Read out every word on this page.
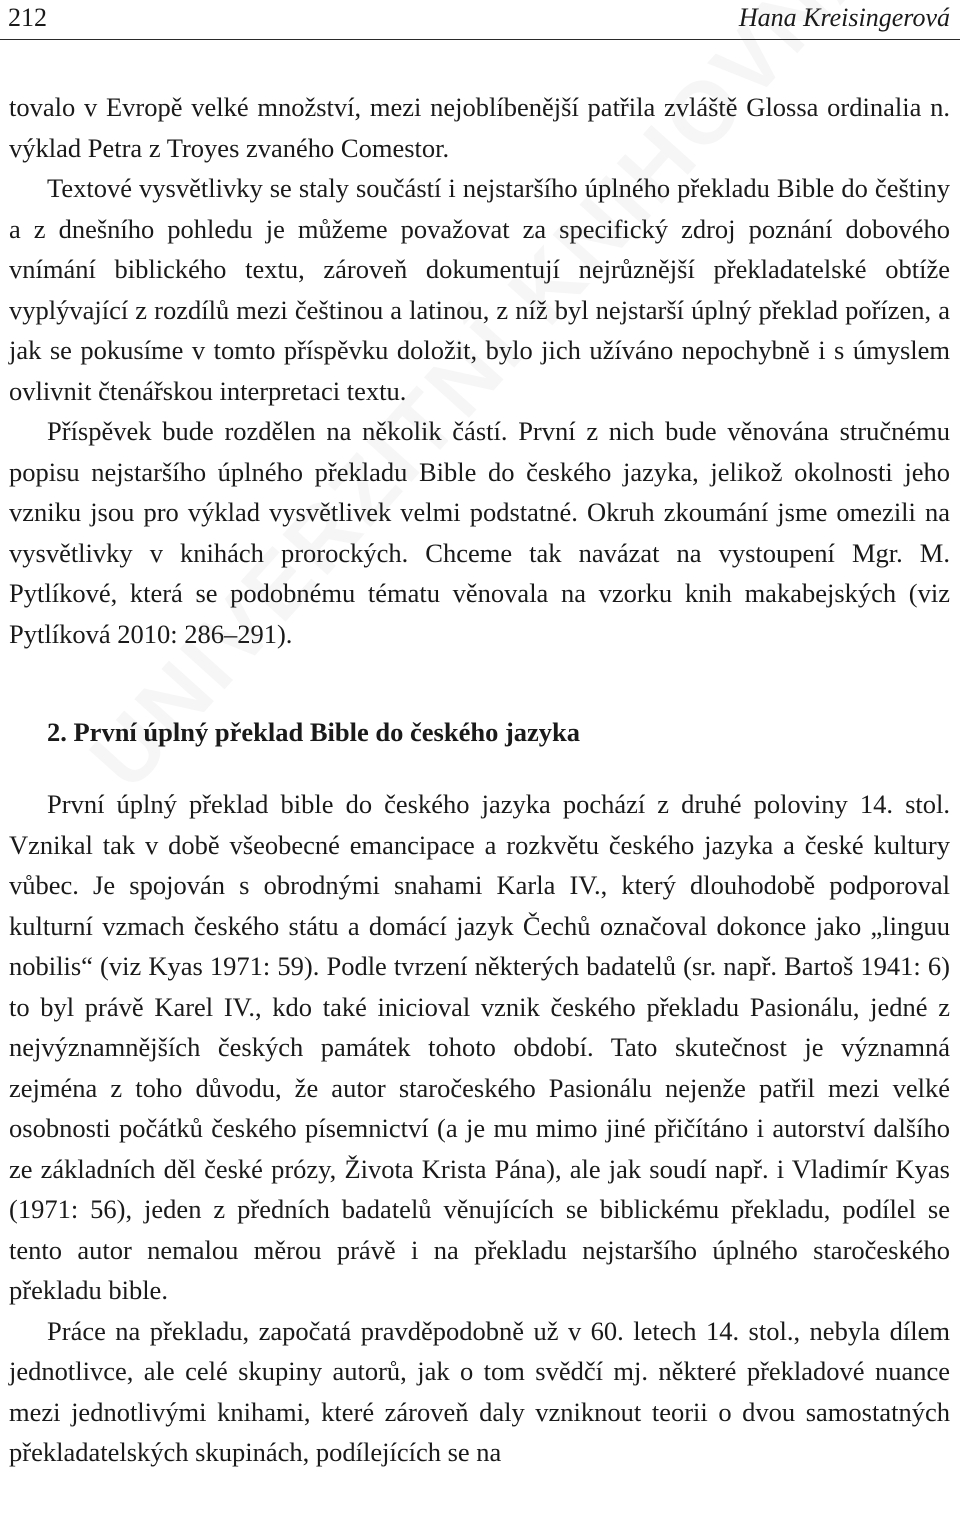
212	Hana Kreisingerová

tovalo v Evropě velké množství, mezi nejoblíbenější patřila zvláště Glossa ordinalia n. výklad Petra z Troyes zvaného Comestor.

Textové vysvětlivky se staly součástí i nejstaršího úplného překladu Bible do češtiny a z dnešního pohledu je můžeme považovat za specifický zdroj poznání dobového vnímání biblického textu, zároveň dokumentují nejrůznější překladatelské obtíže vyplývající z rozdílů mezi češtinou a latinou, z níž byl nejstarší úplný překlad pořízen, a jak se pokusíme v tomto příspěvku doložit, bylo jich užíváno nepochybně i s úmyslem ovlivnit čtenářskou interpretaci textu.

Příspěvek bude rozdělen na několik částí. První z nich bude věnována stručnému popisu nejstaršího úplného překladu Bible do českého jazyka, jelikož okolnosti jeho vzniku jsou pro výklad vysvětlivek velmi podstatné. Okruh zkoumání jsme omezili na vysvětlivky v knihách prorockých. Chceme tak navázat na vystoupení Mgr. M. Pytlíkové, která se podobnému tématu věnovala na vzorku knih makabejských (viz Pytlíková 2010: 286–291).

2. První úplný překlad Bible do českého jazyka

První úplný překlad bible do českého jazyka pochází z druhé poloviny 14. stol. Vznikal tak v době všeobecné emancipace a rozkvětu českého jazyka a české kultury vůbec. Je spojován s obrodnými snahami Karla IV., který dlouhodobě podporoval kulturní vzmach českého státu a domácí jazyk Čechů označoval dokonce jako „linguu nobilis“ (viz Kyas 1971: 59). Podle tvrzení některých badatelů (sr. např. Bartoš 1941: 6) to byl právě Karel IV., kdo také inicioval vznik českého překladu Pasionálu, jedné z nejvýznamnějších českých památek tohoto období. Tato skutečnost je významná zejména z toho důvodu, že autor staročeského Pasionálu nejenže patřil mezi velké osobnosti počátků českého písemnictví (a je mu mimo jiné přičítáno i autorství dalšího ze základních děl české prózy, Života Krista Pána), ale jak soudí např. i Vladimír Kyas (1971: 56), jeden z předních badatelů věnujících se biblickému překladu, podílel se tento autor nemalou měrou právě i na překladu nejstaršího úplného staročeského překladu bible.

Práce na překladu, započatá pravděpodobně už v 60. letech 14. stol., nebyla dílem jednotlivce, ale celé skupiny autorů, jak o tom svědčí mj. některé překladové nuance mezi jednotlivými knihami, které zároveň daly vzniknout teorii o dvou samostatných překladatelských skupinách, podílejících se na
